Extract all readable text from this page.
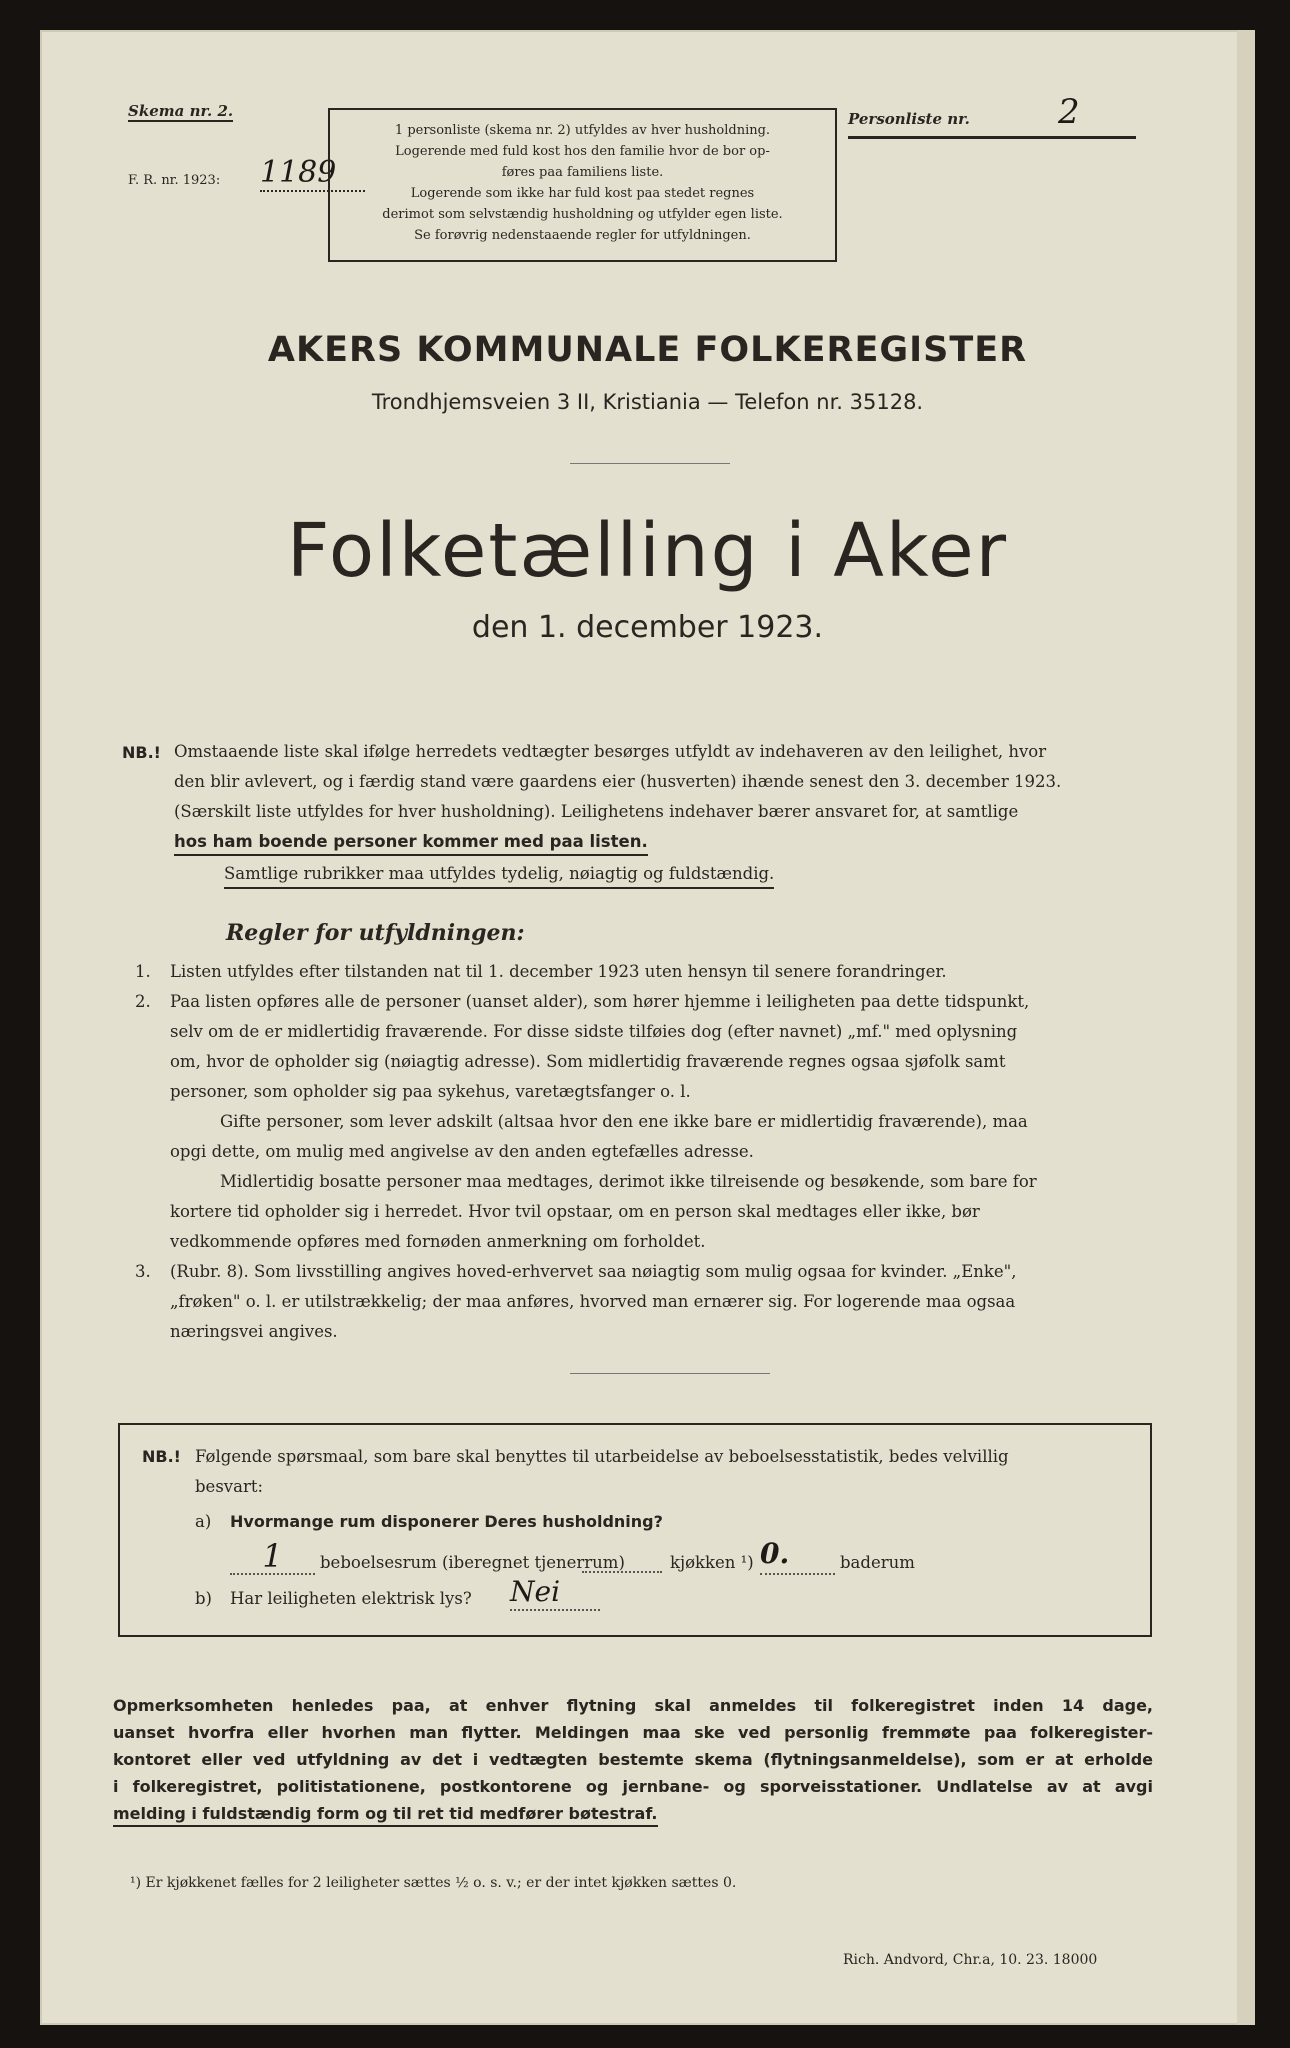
Skema nr. 2.
F. R. nr. 1923: 1189
1 personliste (skema nr. 2) utfyldes av hver husholdning.
Logerende med fuld kost hos den familie hvor de bor op-
føres paa familiens liste.
Logerende som ikke har fuld kost paa stedet regnes
derimot som selvstændig husholdning og utfylder egen liste.
Se forøvrig nedenstaaende regler for utfyldningen.
Personliste nr.	2
AKERS KOMMUNALE FOLKEREGISTER
Trondhjemsveien 3 II, Kristiania — Telefon nr. 35128.
Folketælling i Aker
den 1. december 1923.
NB.! Omstaaende liste skal ifølge herredets vedtægter besørges utfyldt av indehaveren av den leilighet, hvor
den blir avlevert, og i færdig stand være gaardens eier (husverten) ihænde senest den 3. december 1923.
(Særskilt liste utfyldes for hver husholdning). Leilighetens indehaver bærer ansvaret for, at samtlige
hos ham boende personer kommer med paa listen. Samtlige rubrikker maa utfyldes tydelig, nøiagtig og fuldstændig.
Regler for utfyldningen:
1. Listen utfyldes efter tilstanden nat til 1. december 1923 uten hensyn til senere forandringer.
2. Paa listen opføres alle de personer (uanset alder), som hører hjemme i leiligheten paa dette tidspunkt,
selv om de er midlertidig fraværende. For disse sidste tilføies dog (efter navnet) „mf." med oplysning
om, hvor de opholder sig (nøiagtig adresse). Som midlertidig fraværende regnes ogsaa sjøfolk samt
personer, som opholder sig paa sykehus, varetægtsfanger o. l.
Gifte personer, som lever adskilt (altsaa hvor den ene ikke bare er midlertidig fraværende), maa
opgi dette, om mulig med angivelse av den anden egtefælles adresse.
Midlertidig bosatte personer maa medtages, derimot ikke tilreisende og besøkende, som bare for
kortere tid opholder sig i herredet. Hvor tvil opstaar, om en person skal medtages eller ikke, bør
vedkommende opføres med fornøden anmerkning om forholdet.
3. (Rubr. 8). Som livsstilling angives hoved-erhvervet saa nøiagtig som mulig ogsaa for kvinder. „Enke",
„frøken" o. l. er utilstrækkelig; der maa anføres, hvorved man ernærer sig. For logerende maa ogsaa
næringsvei angives.
NB.! Følgende spørsmaal, som bare skal benyttes til utarbeidelse av beboelsesstatistik, bedes velvillig
besvart:
a) Hvormange rum disponerer Deres husholdning?
1	beboelsesrum (iberegnet tjenerrum)	kjøkken ¹) 0.	baderum
b) Har leiligheten elektrisk lys? Nei
Opmerksomheten henledes paa, at enhver flytning skal anmeldes til folkeregistret inden 14 dage,
uanset hvorfra eller hvorhen man flytter. Meldingen maa ske ved personlig fremmøte paa folkeregister-
kontoret eller ved utfyldning av det i vedtægten bestemte skema (flytningsanmeldelse), som er at erholde
i folkeregistret, politistationene, postkontorene og jernbane- og sporveisstationer. Undlatelse av at avgi
melding i fuldstændig form og til ret tid medfører bøtestraf.
¹) Er kjøkkenet fælles for 2 leiligheter sættes ½ o. s. v.; er der intet kjøkken sættes 0.
Rich. Andvord, Chr.a, 10. 23. 18000
